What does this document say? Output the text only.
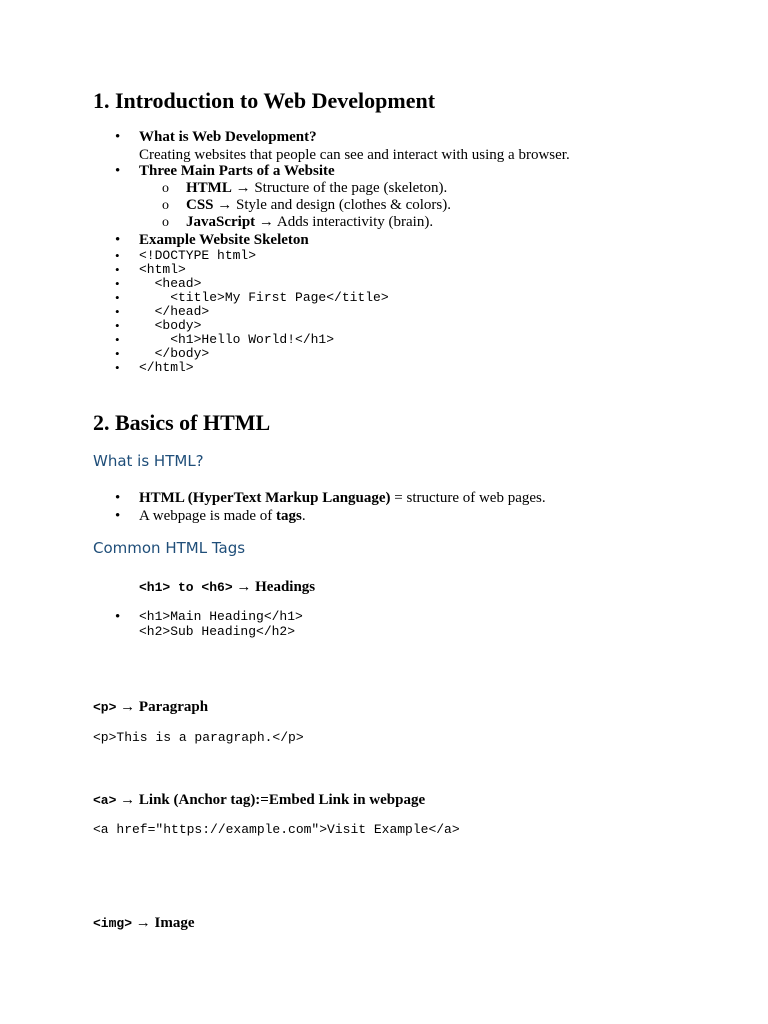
1. Introduction to Web Development
• What is Web Development?
Creating websites that people can see and interact with using a browser.
• Three Main Parts of a Website
o HTML → Structure of the page (skeleton).
o CSS → Style and design (clothes & colors).
o JavaScript → Adds interactivity (brain).
• Example Website Skeleton
• <!DOCTYPE html>
• <html>
• <head>
• <title>My First Page</title>
• </head>
• <body>
• <h1>Hello World!</h1>
• </body>
• </html>
2. Basics of HTML
What is HTML?
• HTML (HyperText Markup Language) = structure of web pages.
• A webpage is made of tags.
Common HTML Tags
<h1> to <h6> → Headings
• <h1>Main Heading</h1>
<h2>Sub Heading</h2>
<p> → Paragraph
<p>This is a paragraph.</p>
<a> → Link (Anchor tag):=Embed Link in webpage
<a href="https://example.com">Visit Example</a>
<img> → Image
